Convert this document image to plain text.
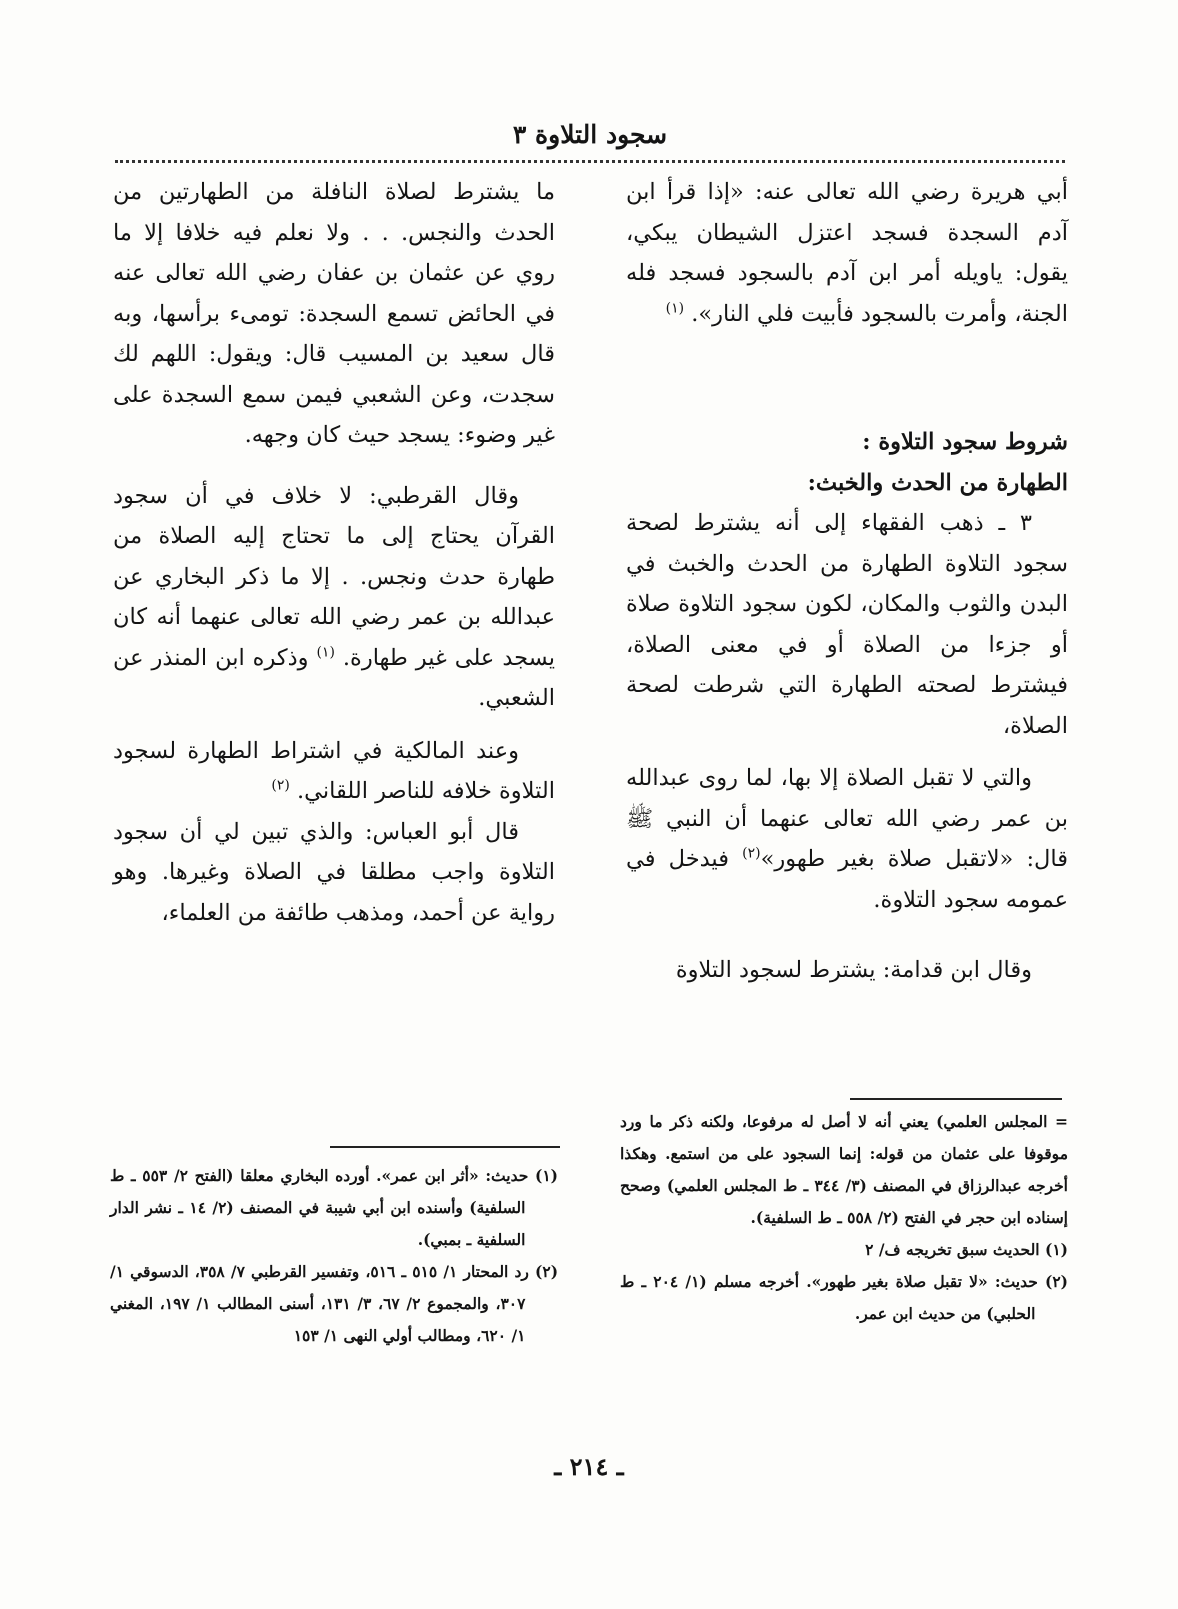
سجود التلاوة ٣

أبي هريرة رضي الله تعالى عنه: «إذا قرأ ابن آدم السجدة فسجد اعتزل الشيطان يبكي، يقول: ياويله أمر ابن آدم بالسجود فسجد فله الجنة، وأمرت بالسجود فأبيت فلي النار». $^{(١)}$

شروط سجود التلاوة :
الطهارة من الحدث والخبث:

٣ ـ ذهب الفقهاء إلى أنه يشترط لصحة سجود التلاوة الطهارة من الحدث والخبث في البدن والثوب والمكان، لكون سجود التلاوة صلاة أو جزءا من الصلاة أو في معنى الصلاة، فيشترط لصحته الطهارة التي شرطت لصحة الصلاة،

والتي لا تقبل الصلاة إلا بها، لما روى عبدالله بن عمر رضي الله تعالى عنهما أن النبي ﷺ قال: «لاتقبل صلاة بغير طهور»$^{(٢)}$ فيدخل في عمومه سجود التلاوة.

وقال ابن قدامة: يشترط لسجود التلاوة

ما يشترط لصلاة النافلة من الطهارتين من الحدث والنجس. . . ولا نعلم فيه خلافا إلا ما روي عن عثمان بن عفان رضي الله تعالى عنه في الحائض تسمع السجدة: تومىء برأسها، وبه قال سعيد بن المسيب قال: ويقول: اللهم لك سجدت، وعن الشعبي فيمن سمع السجدة على غير وضوء: يسجد حيث كان وجهه.

وقال القرطبي: لا خلاف في أن سجود القرآن يحتاج إلى ما تحتاج إليه الصلاة من طهارة حدث ونجس. . إلا ما ذكر البخاري عن عبدالله بن عمر رضي الله تعالى عنهما أنه كان يسجد على غير طهارة. $^{(١)}$ وذكره ابن المنذر عن الشعبي.

وعند المالكية في اشتراط الطهارة لسجود التلاوة خلافه للناصر اللقاني. $^{(٢)}$

قال أبو العباس: والذي تبين لي أن سجود التلاوة واجب مطلقا في الصلاة وغيرها. وهو رواية عن أحمد، ومذهب طائفة من العلماء،

= المجلس العلمي) يعني أنه لا أصل له مرفوعا، ولكنه ذكر ما ورد موقوفا على عثمان من قوله: إنما السجود على من استمع. وهكذا أخرجه عبدالرزاق في المصنف (٣/ ٣٤٤ ـ ط المجلس العلمي) وصحح إسناده ابن حجر في الفتح (٢/ ٥٥٨ ـ ط السلفية).

(١) الحديث سبق تخريجه ف/ ٢

(٢) حديث: «لا تقبل صلاة بغير طهور». أخرجه مسلم (١/ ٢٠٤ ـ ط الحلبي) من حديث ابن عمر.

(١) حديث: «أثر ابن عمر». أورده البخاري معلقا (الفتح ٢/ ٥٥٣ ـ ط السلفية) وأسنده ابن أبي شيبة في المصنف (٢/ ١٤ ـ نشر الدار السلفية ـ بمبي).

(٢) رد المحتار ١/ ٥١٥ ـ ٥١٦، وتفسير القرطبي ٧/ ٣٥٨، الدسوقي ١/ ٣٠٧، والمجموع ٢/ ٦٧، ٣/ ١٣١، أسنى المطالب ١/ ١٩٧، المغني ١/ ٦٢٠، ومطالب أولي النهى ١/ ١٥٣

ـ ٢١٤ ـ
